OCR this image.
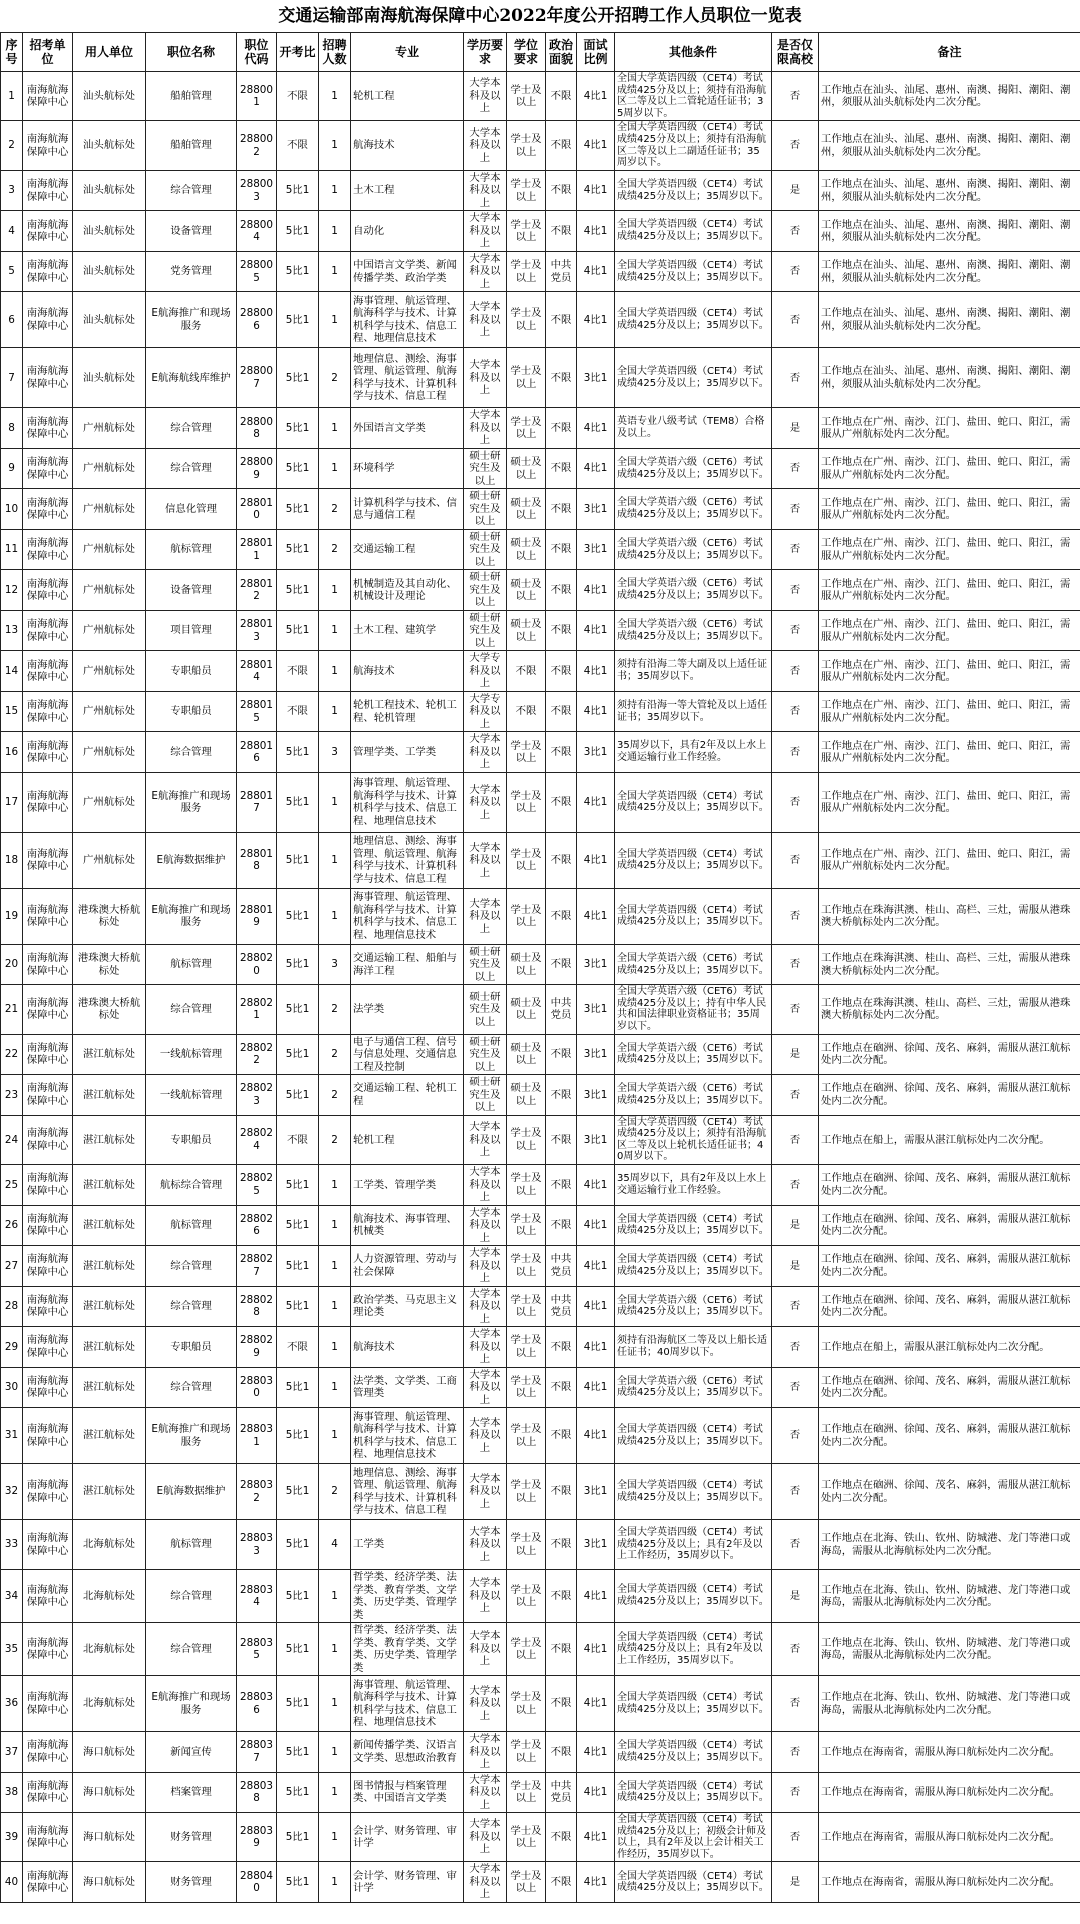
交通运输部南海航海保障中心2022年度公开招聘工作人员职位一览表
序号	招考单位	用人单位	职位名称	职位代码	开考比	招聘人数	专业	学历要求	学位要求	政治面貌	面试比例	其他条件	是否仅限高校	备注
1	南海航海保障中心	汕头航标处	船舶管理	288001	不限	1	轮机工程	大学本科及以上	学士及以上	不限	4比1	全国大学英语四级（CET4）考试成绩425分及以上；须持有沿海航区二等及以上二管轮适任证书；35周岁以下。	否	工作地点在汕头、汕尾、惠州、南澳、揭阳、潮阳、潮州，须服从汕头航标处内二次分配。
2	南海航海保障中心	汕头航标处	船舶管理	288002	不限	1	航海技术	大学本科及以上	学士及以上	不限	4比1	全国大学英语四级（CET4）考试成绩425分及以上；须持有沿海航区二等及以上二副适任证书；35周岁以下。	否	工作地点在汕头、汕尾、惠州、南澳、揭阳、潮阳、潮州，须服从汕头航标处内二次分配。
3	南海航海保障中心	汕头航标处	综合管理	288003	5比1	1	土木工程	大学本科及以上	学士及以上	不限	4比1	全国大学英语四级（CET4）考试成绩425分及以上；35周岁以下。	是	工作地点在汕头、汕尾、惠州、南澳、揭阳、潮阳、潮州，须服从汕头航标处内二次分配。
4	南海航海保障中心	汕头航标处	设备管理	288004	5比1	1	自动化	大学本科及以上	学士及以上	不限	4比1	全国大学英语四级（CET4）考试成绩425分及以上；35周岁以下。	否	工作地点在汕头、汕尾、惠州、南澳、揭阳、潮阳、潮州，须服从汕头航标处内二次分配。
5	南海航海保障中心	汕头航标处	党务管理	288005	5比1	1	中国语言文学类、新闻传播学类、政治学类	大学本科及以上	学士及以上	中共党员	4比1	全国大学英语四级（CET4）考试成绩425分及以上；35周岁以下。	否	工作地点在汕头、汕尾、惠州、南澳、揭阳、潮阳、潮州，须服从汕头航标处内二次分配。
6	南海航海保障中心	汕头航标处	E航海推广和现场服务	288006	5比1	1	海事管理、航运管理、航海科学与技术、计算机科学与技术、信息工程、地理信息技术	大学本科及以上	学士及以上	不限	4比1	全国大学英语四级（CET4）考试成绩425分及以上；35周岁以下。	否	工作地点在汕头、汕尾、惠州、南澳、揭阳、潮阳、潮州，须服从汕头航标处内二次分配。
7	南海航海保障中心	汕头航标处	E航海航线库维护	288007	5比1	2	地理信息、测绘、海事管理、航运管理、航海科学与技术、计算机科学与技术、信息工程	大学本科及以上	学士及以上	不限	3比1	全国大学英语四级（CET4）考试成绩425分及以上；35周岁以下。	否	工作地点在汕头、汕尾、惠州、南澳、揭阳、潮阳、潮州，须服从汕头航标处内二次分配。
8	南海航海保障中心	广州航标处	综合管理	288008	5比1	1	外国语言文学类	大学本科及以上	学士及以上	不限	4比1	英语专业八级考试（TEM8）合格及以上。	是	工作地点在广州、南沙、江门、盐田、蛇口、阳江，需服从广州航标处内二次分配。
9	南海航海保障中心	广州航标处	综合管理	288009	5比1	1	环境科学	硕士研究生及以上	硕士及以上	不限	4比1	全国大学英语六级（CET6）考试成绩425分及以上；35周岁以下。	否	工作地点在广州、南沙、江门、盐田、蛇口、阳江，需服从广州航标处内二次分配。
10	南海航海保障中心	广州航标处	信息化管理	288010	5比1	2	计算机科学与技术、信息与通信工程	硕士研究生及以上	硕士及以上	不限	3比1	全国大学英语六级（CET6）考试成绩425分及以上；35周岁以下。	否	工作地点在广州、南沙、江门、盐田、蛇口、阳江，需服从广州航标处内二次分配。
11	南海航海保障中心	广州航标处	航标管理	288011	5比1	2	交通运输工程	硕士研究生及以上	硕士及以上	不限	3比1	全国大学英语六级（CET6）考试成绩425分及以上；35周岁以下。	否	工作地点在广州、南沙、江门、盐田、蛇口、阳江，需服从广州航标处内二次分配。
12	南海航海保障中心	广州航标处	设备管理	288012	5比1	1	机械制造及其自动化、机械设计及理论	硕士研究生及以上	硕士及以上	不限	4比1	全国大学英语六级（CET6）考试成绩425分及以上；35周岁以下。	否	工作地点在广州、南沙、江门、盐田、蛇口、阳江，需服从广州航标处内二次分配。
13	南海航海保障中心	广州航标处	项目管理	288013	5比1	1	土木工程、建筑学	硕士研究生及以上	硕士及以上	不限	4比1	全国大学英语六级（CET6）考试成绩425分及以上；35周岁以下。	否	工作地点在广州、南沙、江门、盐田、蛇口、阳江，需服从广州航标处内二次分配。
14	南海航海保障中心	广州航标处	专职船员	288014	不限	1	航海技术	大学专科及以上	不限	不限	4比1	须持有沿海二等大副及以上适任证书；35周岁以下。	否	工作地点在广州、南沙、江门、盐田、蛇口、阳江，需服从广州航标处内二次分配。
15	南海航海保障中心	广州航标处	专职船员	288015	不限	1	轮机工程技术、轮机工程、轮机管理	大学专科及以上	不限	不限	4比1	须持有沿海一等大管轮及以上适任证书；35周岁以下。	否	工作地点在广州、南沙、江门、盐田、蛇口、阳江，需服从广州航标处内二次分配。
16	南海航海保障中心	广州航标处	综合管理	288016	5比1	3	管理学类、工学类	大学本科及以上	学士及以上	不限	3比1	35周岁以下，具有2年及以上水上交通运输行业工作经验。	否	工作地点在广州、南沙、江门、盐田、蛇口、阳江，需服从广州航标处内二次分配。
17	南海航海保障中心	广州航标处	E航海推广和现场服务	288017	5比1	1	海事管理、航运管理、航海科学与技术、计算机科学与技术、信息工程、地理信息技术	大学本科及以上	学士及以上	不限	4比1	全国大学英语四级（CET4）考试成绩425分及以上；35周岁以下。	否	工作地点在广州、南沙、江门、盐田、蛇口、阳江，需服从广州航标处内二次分配。
18	南海航海保障中心	广州航标处	E航海数据维护	288018	5比1	1	地理信息、测绘、海事管理、航运管理、航海科学与技术、计算机科学与技术、信息工程	大学本科及以上	学士及以上	不限	4比1	全国大学英语四级（CET4）考试成绩425分及以上；35周岁以下。	否	工作地点在广州、南沙、江门、盐田、蛇口、阳江，需服从广州航标处内二次分配。
19	南海航海保障中心	港珠澳大桥航标处	E航海推广和现场服务	288019	5比1	1	海事管理、航运管理、航海科学与技术、计算机科学与技术、信息工程、地理信息技术	大学本科及以上	学士及以上	不限	4比1	全国大学英语四级（CET4）考试成绩425分及以上；35周岁以下。	否	工作地点在珠海淇澳、桂山、高栏、三灶，需服从港珠澳大桥航标处内二次分配。
20	南海航海保障中心	港珠澳大桥航标处	航标管理	288020	5比1	3	交通运输工程、船舶与海洋工程	硕士研究生及以上	硕士及以上	不限	3比1	全国大学英语六级（CET6）考试成绩425分及以上；35周岁以下。	否	工作地点在珠海淇澳、桂山、高栏、三灶，需服从港珠澳大桥航标处内二次分配。
21	南海航海保障中心	港珠澳大桥航标处	综合管理	288021	5比1	2	法学类	硕士研究生及以上	硕士及以上	中共党员	3比1	全国大学英语六级（CET6）考试成绩425分及以上；持有中华人民共和国法律职业资格证书；35周岁以下。	否	工作地点在珠海淇澳、桂山、高栏、三灶，需服从港珠澳大桥航标处内二次分配。
22	南海航海保障中心	湛江航标处	一线航标管理	288022	5比1	2	电子与通信工程、信号与信息处理、交通信息工程及控制	硕士研究生及以上	硕士及以上	不限	3比1	全国大学英语六级（CET6）考试成绩425分及以上；35周岁以下。	是	工作地点在硇洲、徐闻、茂名、麻斜，需服从湛江航标处内二次分配。
23	南海航海保障中心	湛江航标处	一线航标管理	288023	5比1	2	交通运输工程、轮机工程	硕士研究生及以上	硕士及以上	不限	3比1	全国大学英语六级（CET6）考试成绩425分及以上；35周岁以下。	否	工作地点在硇洲、徐闻、茂名、麻斜，需服从湛江航标处内二次分配。
24	南海航海保障中心	湛江航标处	专职船员	288024	不限	2	轮机工程	大学本科及以上	学士及以上	不限	3比1	全国大学英语四级（CET4）考试成绩425分及以上；须持有沿海航区二等及以上轮机长适任证书；40周岁以下。	否	工作地点在船上，需服从湛江航标处内二次分配。
25	南海航海保障中心	湛江航标处	航标综合管理	288025	5比1	1	工学类、管理学类	大学本科及以上	学士及以上	不限	4比1	35周岁以下，具有2年及以上水上交通运输行业工作经验。	否	工作地点在硇洲、徐闻、茂名、麻斜，需服从湛江航标处内二次分配。
26	南海航海保障中心	湛江航标处	航标管理	288026	5比1	1	航海技术、海事管理、机械类	大学本科及以上	学士及以上	不限	4比1	全国大学英语四级（CET4）考试成绩425分及以上；35周岁以下。	是	工作地点在硇洲、徐闻、茂名、麻斜，需服从湛江航标处内二次分配。
27	南海航海保障中心	湛江航标处	综合管理	288027	5比1	1	人力资源管理、劳动与社会保障	大学本科及以上	学士及以上	中共党员	4比1	全国大学英语四级（CET4）考试成绩425分及以上；35周岁以下。	是	工作地点在硇洲、徐闻、茂名、麻斜，需服从湛江航标处内二次分配。
28	南海航海保障中心	湛江航标处	综合管理	288028	5比1	1	政治学类、马克思主义理论类	大学本科及以上	学士及以上	中共党员	4比1	全国大学英语六级（CET6）考试成绩425分及以上；35周岁以下。	否	工作地点在硇洲、徐闻、茂名、麻斜，需服从湛江航标处内二次分配。
29	南海航海保障中心	湛江航标处	专职船员	288029	不限	1	航海技术	大学本科及以上	学士及以上	不限	4比1	须持有沿海航区二等及以上船长适任证书；40周岁以下。	否	工作地点在船上，需服从湛江航标处内二次分配。
30	南海航海保障中心	湛江航标处	综合管理	288030	5比1	1	法学类、文学类、工商管理类	大学本科及以上	学士及以上	不限	4比1	全国大学英语六级（CET6）考试成绩425分及以上；35周岁以下。	否	工作地点在硇洲、徐闻、茂名、麻斜，需服从湛江航标处内二次分配。
31	南海航海保障中心	湛江航标处	E航海推广和现场服务	288031	5比1	1	海事管理、航运管理、航海科学与技术、计算机科学与技术、信息工程、地理信息技术	大学本科及以上	学士及以上	不限	4比1	全国大学英语四级（CET4）考试成绩425分及以上；35周岁以下。	否	工作地点在硇洲、徐闻、茂名、麻斜，需服从湛江航标处内二次分配。
32	南海航海保障中心	湛江航标处	E航海数据维护	288032	5比1	2	地理信息、测绘、海事管理、航运管理、航海科学与技术、计算机科学与技术、信息工程	大学本科及以上	学士及以上	不限	3比1	全国大学英语四级（CET4）考试成绩425分及以上；35周岁以下。	否	工作地点在硇洲、徐闻、茂名、麻斜，需服从湛江航标处内二次分配。
33	南海航海保障中心	北海航标处	航标管理	288033	5比1	4	工学类	大学本科及以上	学士及以上	不限	3比1	全国大学英语四级（CET4）考试成绩425分及以上；具有2年及以上工作经历，35周岁以下。	否	工作地点在北海、铁山、钦州、防城港、龙门等港口或海岛，需服从北海航标处内二次分配。
34	南海航海保障中心	北海航标处	综合管理	288034	5比1	1	哲学类、经济学类、法学类、教育学类、文学类、历史学类、管理学类	大学本科及以上	学士及以上	不限	4比1	全国大学英语四级（CET4）考试成绩425分及以上；35周岁以下。	是	工作地点在北海、铁山、钦州、防城港、龙门等港口或海岛，需服从北海航标处内二次分配。
35	南海航海保障中心	北海航标处	综合管理	288035	5比1	1	哲学类、经济学类、法学类、教育学类、文学类、历史学类、管理学类	大学本科及以上	学士及以上	不限	4比1	全国大学英语四级（CET4）考试成绩425分及以上；具有2年及以上工作经历，35周岁以下。	否	工作地点在北海、铁山、钦州、防城港、龙门等港口或海岛，需服从北海航标处内二次分配。
36	南海航海保障中心	北海航标处	E航海推广和现场服务	288036	5比1	1	海事管理、航运管理、航海科学与技术、计算机科学与技术、信息工程、地理信息技术	大学本科及以上	学士及以上	不限	4比1	全国大学英语四级（CET4）考试成绩425分及以上；35周岁以下。	否	工作地点在北海、铁山、钦州、防城港、龙门等港口或海岛，需服从北海航标处内二次分配。
37	南海航海保障中心	海口航标处	新闻宣传	288037	5比1	1	新闻传播学类、汉语言文学类、思想政治教育	大学本科及以上	学士及以上	不限	4比1	全国大学英语四级（CET4）考试成绩425分及以上；35周岁以下。	否	工作地点在海南省，需服从海口航标处内二次分配。
38	南海航海保障中心	海口航标处	档案管理	288038	5比1	1	图书情报与档案管理类、中国语言文学类	大学本科及以上	学士及以上	中共党员	4比1	全国大学英语四级（CET4）考试成绩425分及以上；35周岁以下。	否	工作地点在海南省，需服从海口航标处内二次分配。
39	南海航海保障中心	海口航标处	财务管理	288039	5比1	1	会计学、财务管理、审计学	大学本科及以上	学士及以上	不限	4比1	全国大学英语四级（CET4）考试成绩425分及以上；初级会计师及以上，具有2年及以上会计相关工作经历，35周岁以下。	否	工作地点在海南省，需服从海口航标处内二次分配。
40	南海航海保障中心	海口航标处	财务管理	288040	5比1	1	会计学、财务管理、审计学	大学本科及以上	学士及以上	不限	4比1	全国大学英语四级（CET4）考试成绩425分及以上；35周岁以下。	是	工作地点在海南省，需服从海口航标处内二次分配。
